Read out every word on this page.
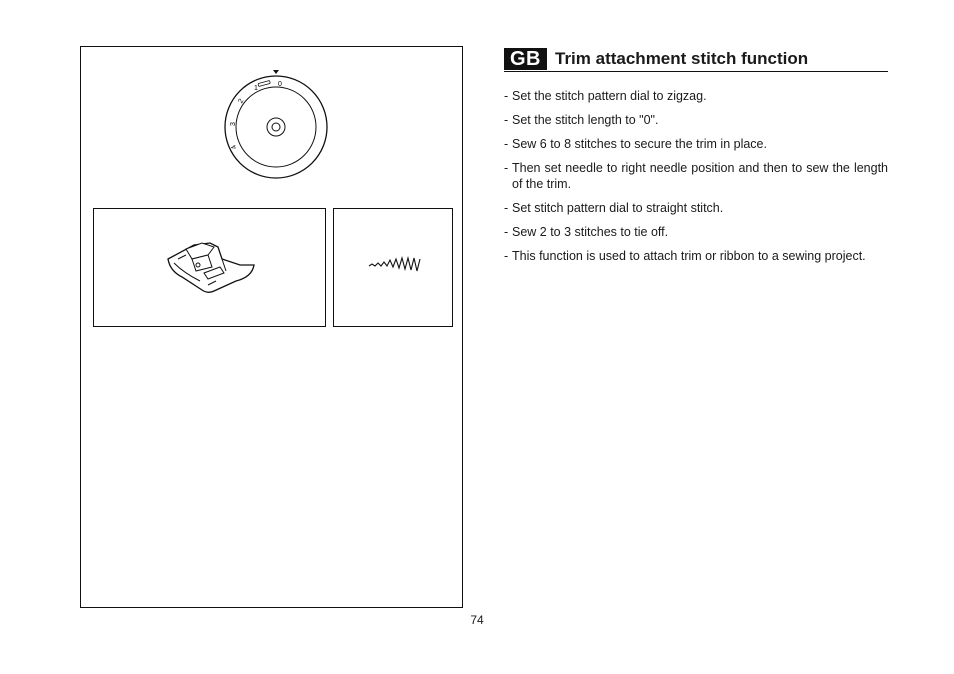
0
1
2
3
4
GB Trim attachment stitch function
- Set the stitch pattern dial to zigzag.
- Set the stitch length to "0".
- Sew 6 to 8 stitches to secure the trim in place.
- Then set needle to right needle position and then to sew the length of the trim.
- Set stitch pattern dial to straight stitch.
- Sew 2 to 3 stitches to tie off.
- This function is used to attach trim or ribbon to a sewing project.
74
